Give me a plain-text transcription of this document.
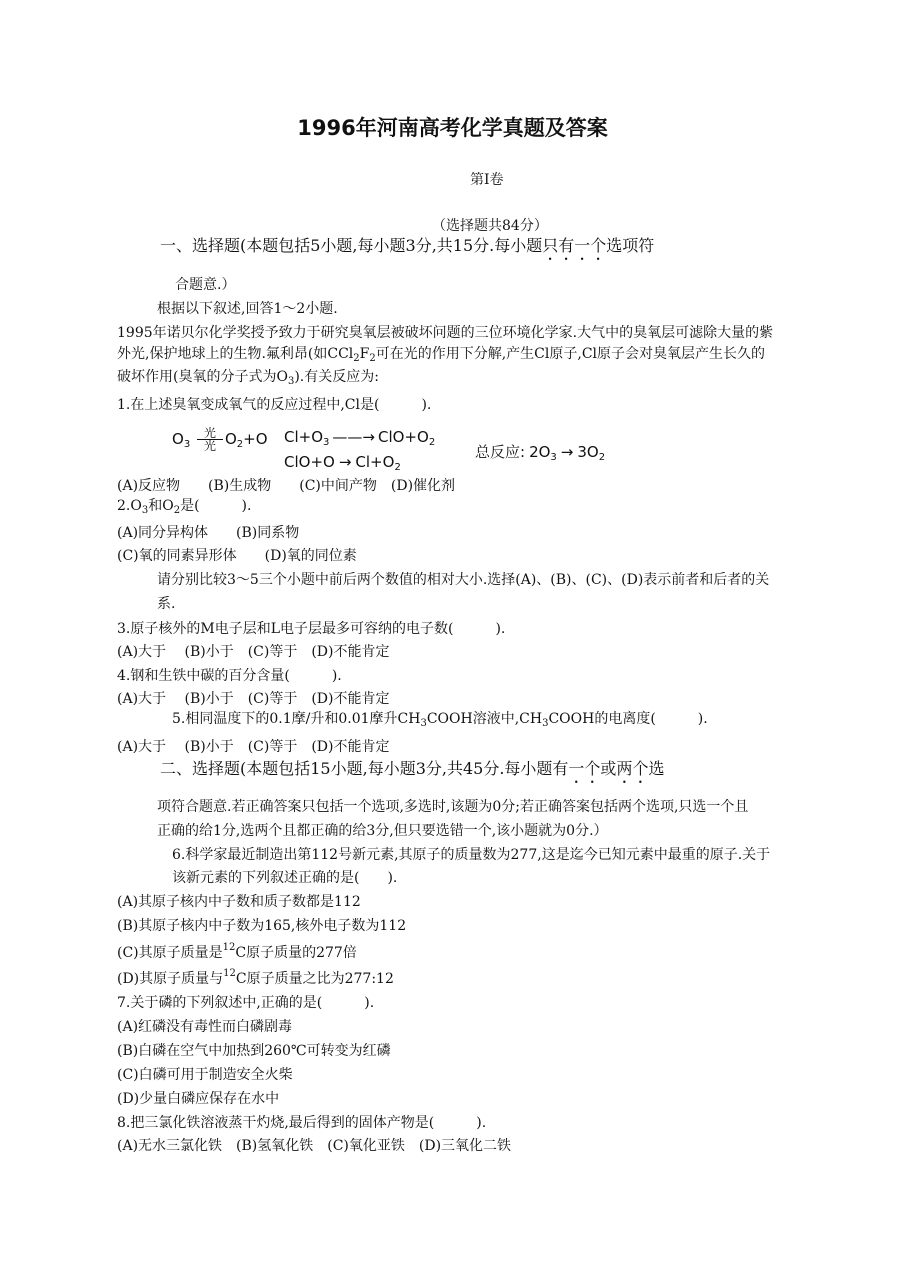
1996年河南高考化学真题及答案
第I卷
（选择题共84分）
一、选择题(本题包括5小题,每小题3分,共15分.每小题只有一个选项符
合题意.）
根据以下叙述,回答1～2小题.
1995年诺贝尔化学奖授予致力于研究臭氧层被破坏问题的三位环境化学家.大气中的臭氧层可滤除大量的紫
外光,保护地球上的生物.氟利昂(如$CCl_2F_2$可在光的作用下分解,产生Cl原子,Cl原子会对臭氧层产生长久的
破坏作用(臭氧的分子式为$O_3$).有关反应为:
1.在上述臭氧变成氧气的反应过程中,Cl是(　　　).
$O_3$
光
光 $O_2+O$ $Cl+O_3$ ——→ $ClO+O_2$
$ClO+O \to Cl+O_2$
总反应: $2O_3 \to 3O_2$
(A)反应物　　(B)生成物　　(C)中间产物　(D)催化剂
$2.O_3$和$O_2$是(　　　).
(A)同分异构体　　(B)同系物
(C)氧的同素异形体　　(D)氧的同位素
请分别比较3～5三个小题中前后两个数值的相对大小.选择(A)、(B)、(C)、(D)表示前者和后者的关
系.
3.原子核外的M电子层和L电子层最多可容纳的电子数(　　　).
(A)大于　 (B)小于　(C)等于　(D)不能肯定
4.钢和生铁中碳的百分含量(　　　).
(A)大于　 (B)小于　(C)等于　(D)不能肯定
5.相同温度下的0.1摩/升和0.01摩升$CH_3COOH$溶液中$,CH_3COOH$的电离度(　　　).
(A)大于　 (B)小于　(C)等于　(D)不能肯定
二、选择题(本题包括15小题,每小题3分,共45分.每小题有一个或两个选
项符合题意.若正确答案只包括一个选项,多选时,该题为0分;若正确答案包括两个选项,只选一个且
正确的给1分,选两个且都正确的给3分,但只要选错一个,该小题就为0分.）
6.科学家最近制造出第112号新元素,其原子的质量数为277,这是迄今已知元素中最重的原子.关于
该新元素的下列叙述正确的是(　　).
(A)其原子核内中子数和质子数都是112
(B)其原子核内中子数为165,核外电子数为112
(C)其原子质量是$^{12}$C原子质量的277倍
(D)其原子质量与$^{12}$C原子质量之比为277:12
7.关于磷的下列叙述中,正确的是(　　　).
(A)红磷没有毒性而白磷剧毒
(B)白磷在空气中加热到260℃可转变为红磷
(C)白磷可用于制造安全火柴
(D)少量白磷应保存在水中
8.把三氯化铁溶液蒸干灼烧,最后得到的固体产物是(　　　).
(A)无水三氯化铁　(B)氢氧化铁　(C)氧化亚铁　(D)三氧化二铁
